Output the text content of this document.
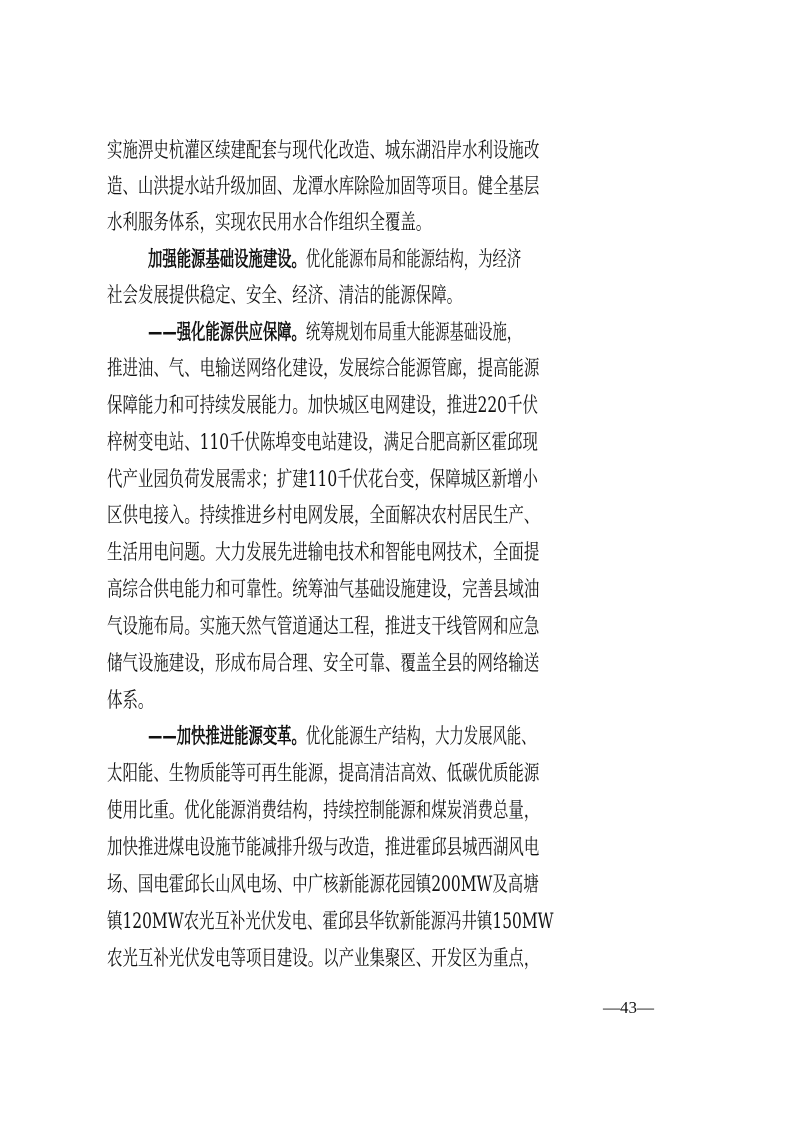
实施淠史杭灌区续建配套与现代化改造、城东湖沿岸水利设施改
造、山洪提水站升级加固、龙潭水库除险加固等项目。健全基层
水利服务体系，实现农民用水合作组织全覆盖。
加强能源基础设施建设。优化能源布局和能源结构，为经济
社会发展提供稳定、安全、经济、清洁的能源保障。
——强化能源供应保障。统筹规划布局重大能源基础设施，
推进油、气、电输送网络化建设，发展综合能源管廊，提高能源
保障能力和可持续发展能力。加快城区电网建设，推进220千伏
梓树变电站、110千伏陈埠变电站建设，满足合肥高新区霍邱现
代产业园负荷发展需求；扩建110千伏花台变，保障城区新增小
区供电接入。持续推进乡村电网发展，全面解决农村居民生产、
生活用电问题。大力发展先进输电技术和智能电网技术，全面提
高综合供电能力和可靠性。统筹油气基础设施建设，完善县域油
气设施布局。实施天然气管道通达工程，推进支干线管网和应急
储气设施建设，形成布局合理、安全可靠、覆盖全县的网络输送
体系。
——加快推进能源变革。优化能源生产结构，大力发展风能、
太阳能、生物质能等可再生能源，提高清洁高效、低碳优质能源
使用比重。优化能源消费结构，持续控制能源和煤炭消费总量，
加快推进煤电设施节能减排升级与改造，推进霍邱县城西湖风电
场、国电霍邱长山风电场、中广核新能源花园镇200MW及高塘
镇120MW农光互补光伏发电、霍邱县华钦新能源冯井镇150MW
农光互补光伏发电等项目建设。以产业集聚区、开发区为重点，
—43—
